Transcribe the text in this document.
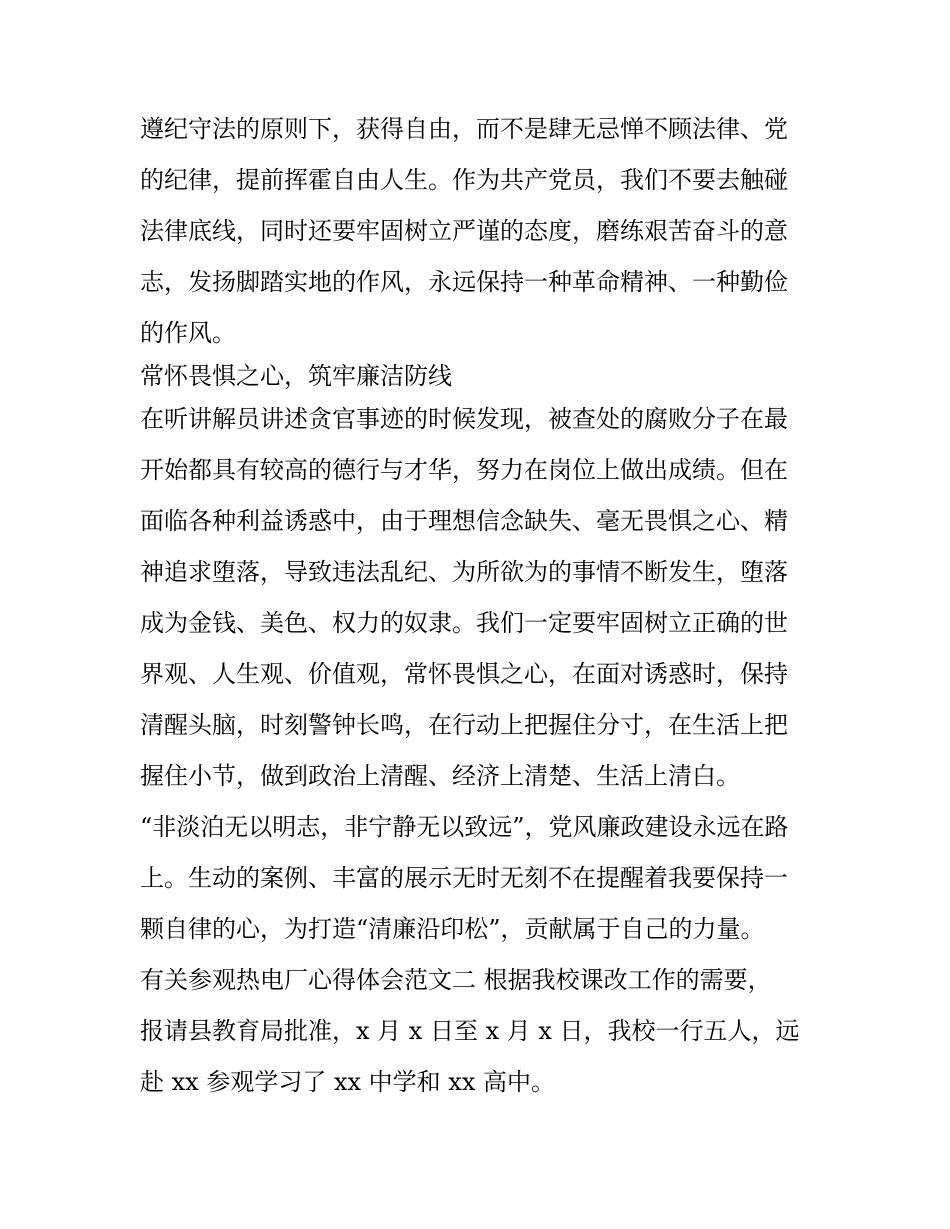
遵纪守法的原则下，获得自由，而不是肆无忌惮不顾法律、党
的纪律，提前挥霍自由人生。作为共产党员，我们不要去触碰
法律底线，同时还要牢固树立严谨的态度，磨练艰苦奋斗的意
志，发扬脚踏实地的作风，永远保持一种革命精神、一种勤俭
的作风。
常怀畏惧之心，筑牢廉洁防线
在听讲解员讲述贪官事迹的时候发现，被查处的腐败分子在最
开始都具有较高的德行与才华，努力在岗位上做出成绩。但在
面临各种利益诱惑中，由于理想信念缺失、毫无畏惧之心、精
神追求堕落，导致违法乱纪、为所欲为的事情不断发生，堕落
成为金钱、美色、权力的奴隶。我们一定要牢固树立正确的世
界观、人生观、价值观，常怀畏惧之心，在面对诱惑时，保持
清醒头脑，时刻警钟长鸣，在行动上把握住分寸，在生活上把
握住小节，做到政治上清醒、经济上清楚、生活上清白。
“非淡泊无以明志，非宁静无以致远”，党风廉政建设永远在路
上。生动的案例、丰富的展示无时无刻不在提醒着我要保持一
颗自律的心，为打造“清廉沿印松”，贡献属于自己的力量。
有关参观热电厂心得体会范文二 根据我校课改工作的需要，
报请县教育局批准，x 月 x 日至 x 月 x 日，我校一行五人，远
赴 xx 参观学习了 xx 中学和 xx 高中。
